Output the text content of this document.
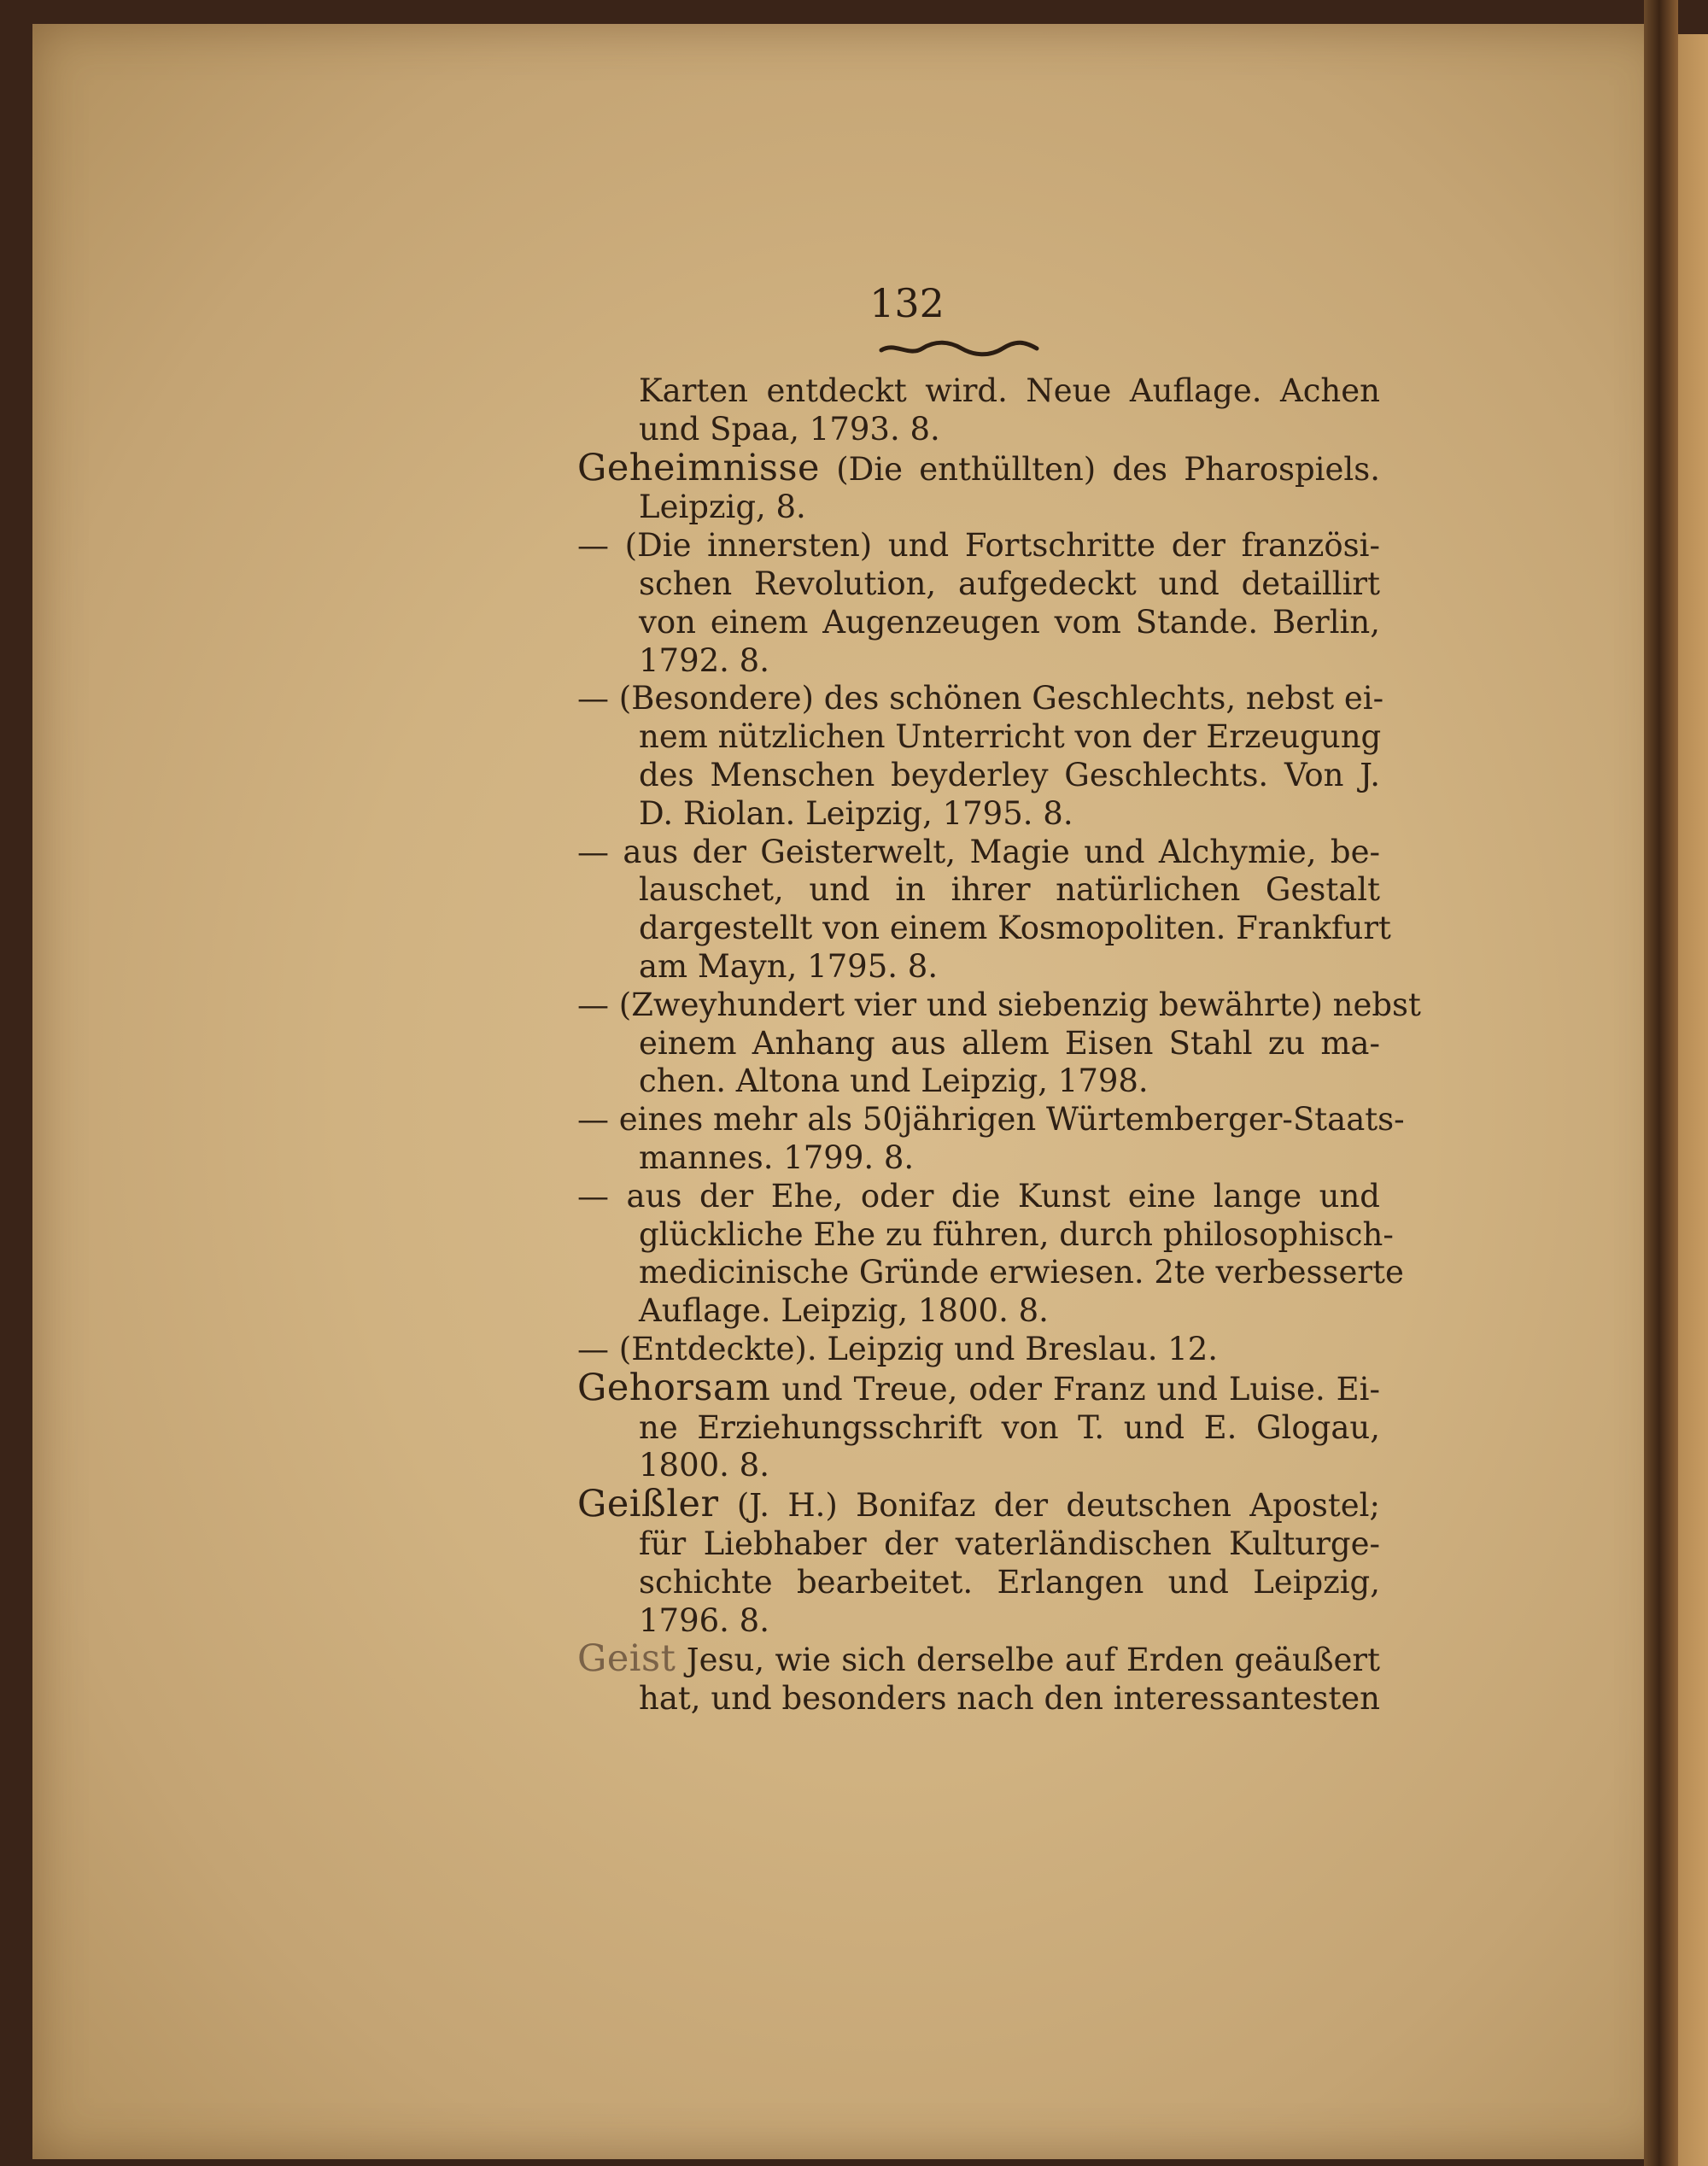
132
Karten entdeckt wird. Neue Auflage. Achen
und Spaa, 1793. 8.
Geheimnisse (Die enthüllten) des Pharospiels.
Leipzig, 8.
— (Die innersten) und Fortschritte der französi-
schen Revolution, aufgedeckt und detaillirt
von einem Augenzeugen vom Stande. Berlin,
1792. 8.
— (Besondere) des schönen Geschlechts, nebst ei-
nem nützlichen Unterricht von der Erzeugung
des Menschen beyderley Geschlechts. Von J.
D. Riolan. Leipzig, 1795. 8.
— aus der Geisterwelt, Magie und Alchymie, be-
lauschet, und in ihrer natürlichen Gestalt
dargestellt von einem Kosmopoliten. Frankfurt
am Mayn, 1795. 8.
— (Zweyhundert vier und siebenzig bewährte) nebst
einem Anhang aus allem Eisen Stahl zu ma-
chen. Altona und Leipzig, 1798.
— eines mehr als 50jährigen Würtemberger-Staats-
mannes. 1799. 8.
— aus der Ehe, oder die Kunst eine lange und
glückliche Ehe zu führen, durch philosophisch-
medicinische Gründe erwiesen. 2te verbesserte
Auflage. Leipzig, 1800. 8.
— (Entdeckte). Leipzig und Breslau. 12.
Gehorsam und Treue, oder Franz und Luise. Ei-
ne Erziehungsschrift von T. und E. Glogau,
1800. 8.
Geißler (J. H.) Bonifaz der deutschen Apostel;
für Liebhaber der vaterländischen Kulturge-
schichte bearbeitet. Erlangen und Leipzig,
1796. 8.
Geist Jesu, wie sich derselbe auf Erden geäußert
hat, und besonders nach den interessantesten
